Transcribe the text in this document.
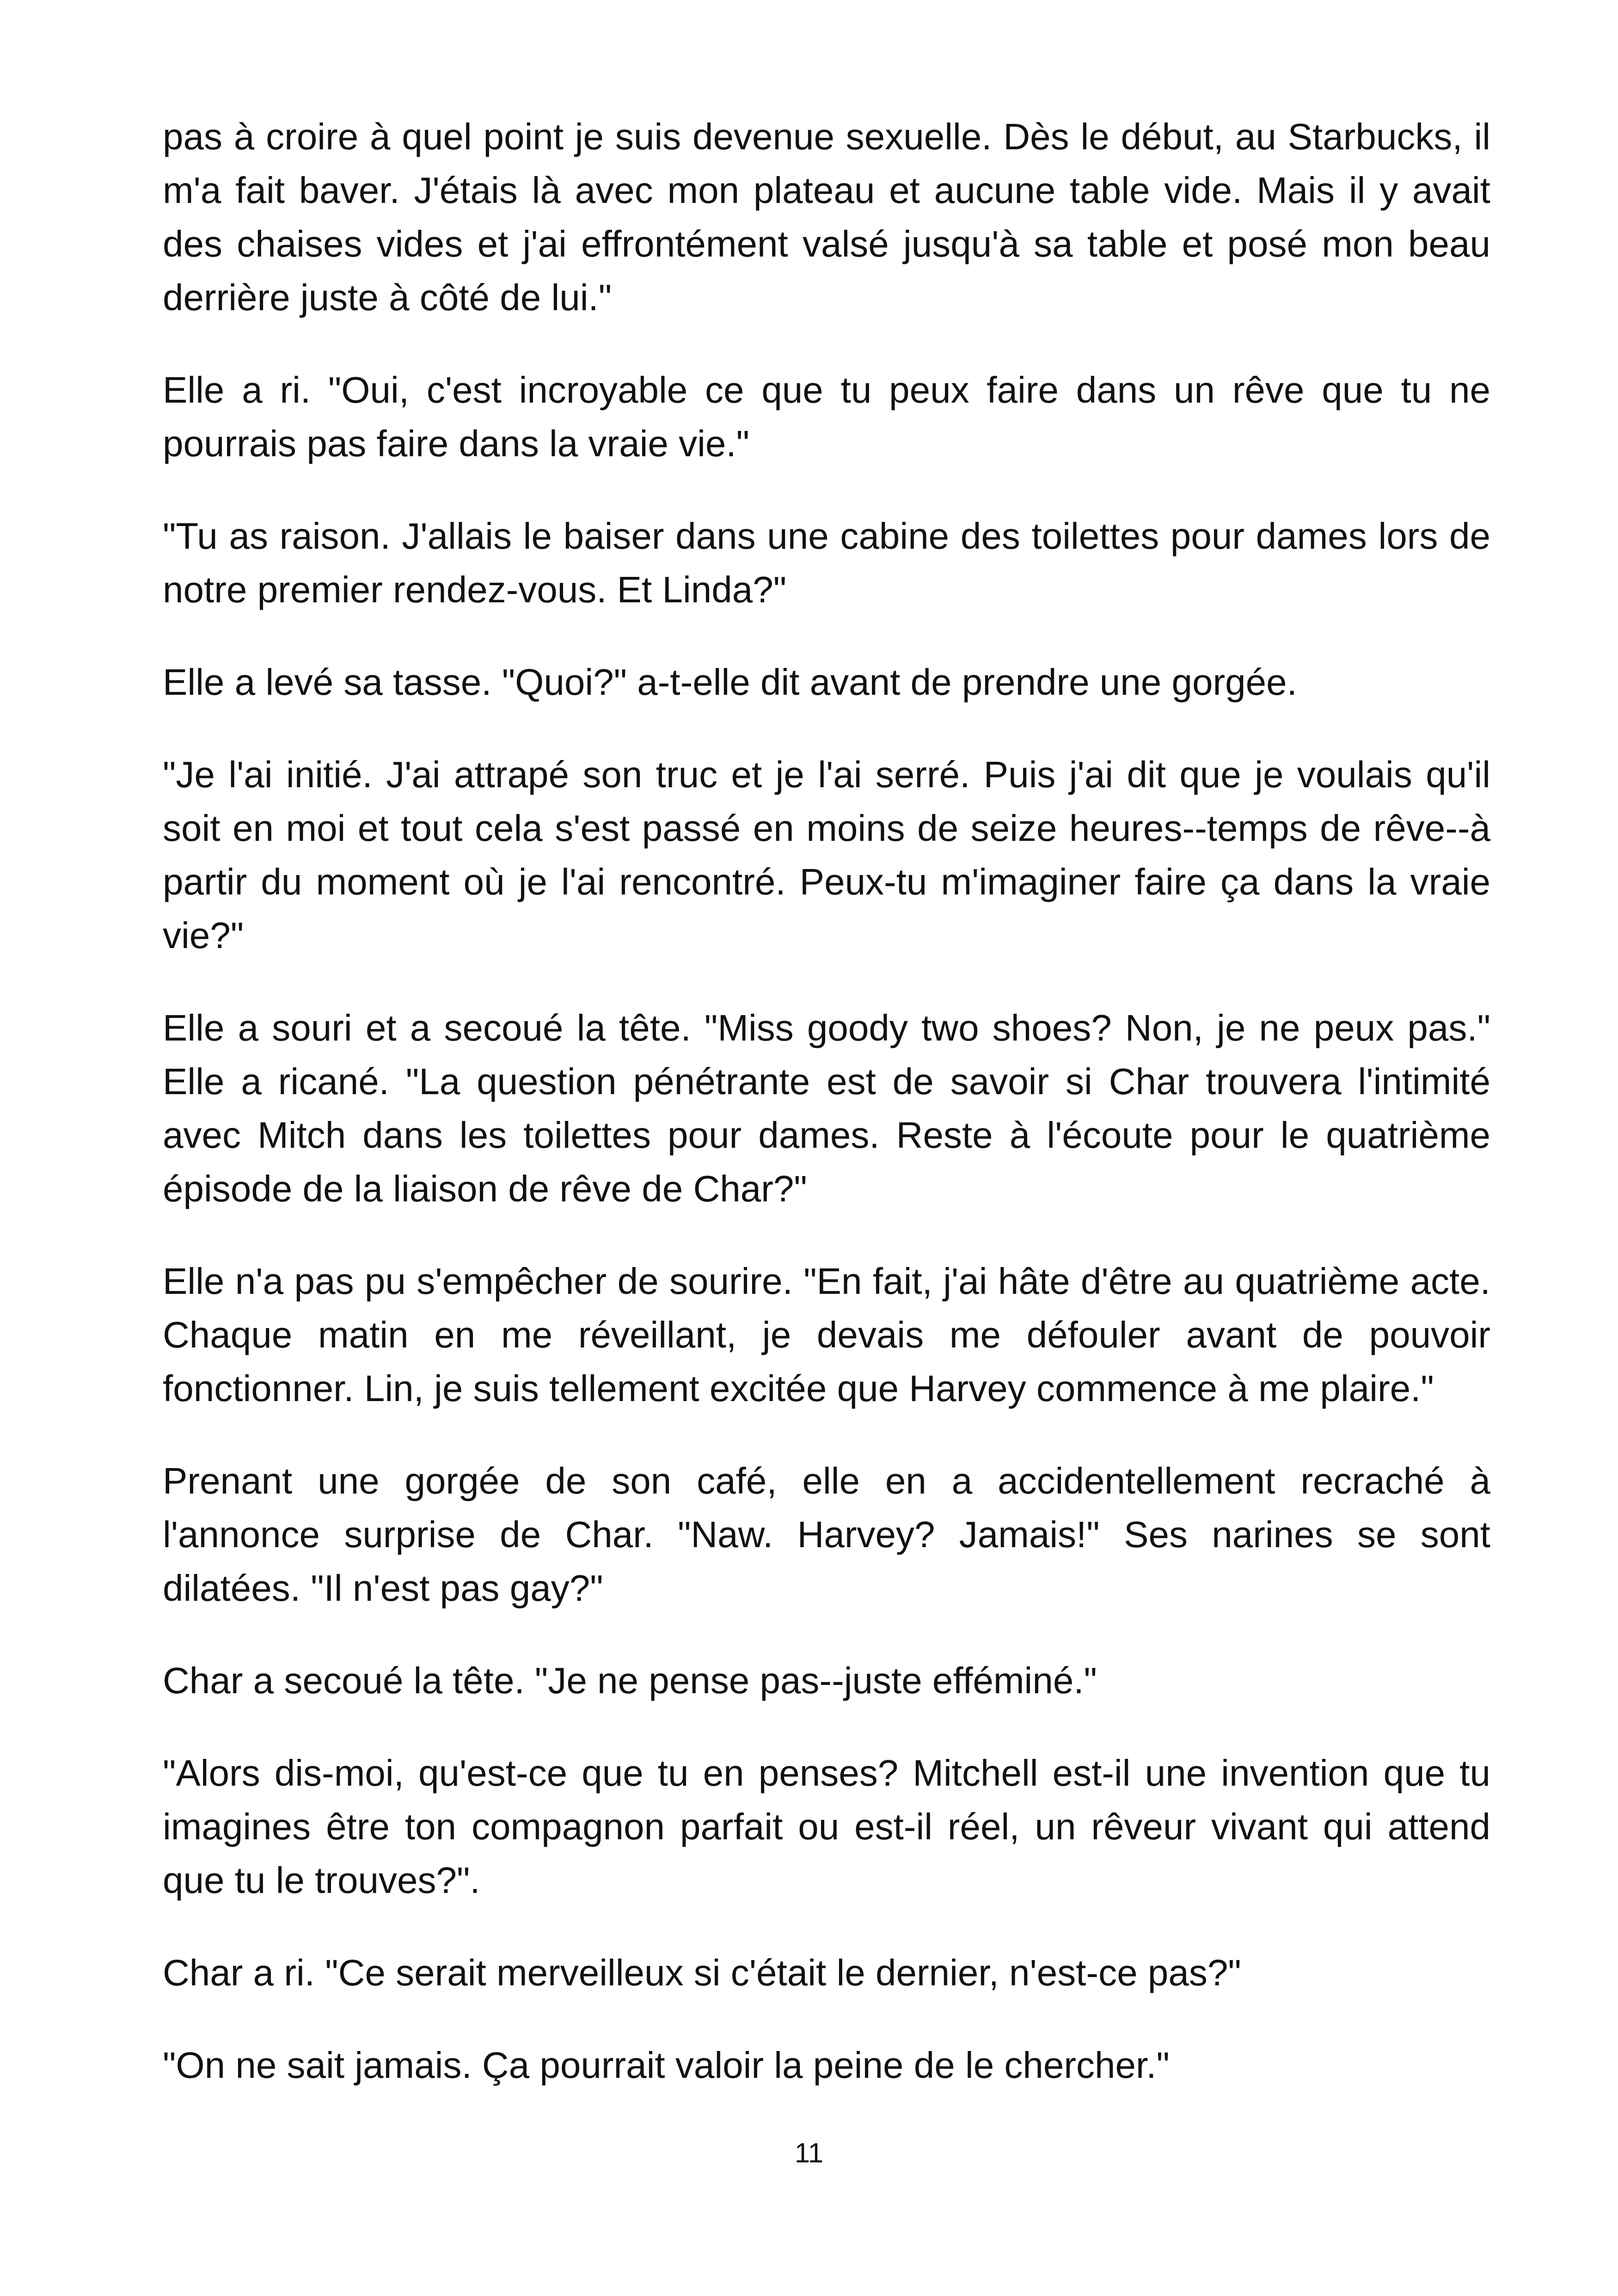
pas à croire à quel point je suis devenue sexuelle. Dès le début, au Starbucks, il m'a fait baver. J'étais là avec mon plateau et aucune table vide. Mais il y avait des chaises vides et j'ai effrontément valsé jusqu'à sa table et posé mon beau derrière juste à côté de lui."

Elle a ri. "Oui, c'est incroyable ce que tu peux faire dans un rêve que tu ne pourrais pas faire dans la vraie vie."

"Tu as raison. J'allais le baiser dans une cabine des toilettes pour dames lors de notre premier rendez-vous. Et Linda?"

Elle a levé sa tasse. "Quoi?" a-t-elle dit avant de prendre une gorgée.

"Je l'ai initié. J'ai attrapé son truc et je l'ai serré. Puis j'ai dit que je voulais qu'il soit en moi et tout cela s'est passé en moins de seize heures--temps de rêve--à partir du moment où je l'ai rencontré. Peux-tu m'imaginer faire ça dans la vraie vie?"

Elle a souri et a secoué la tête. "Miss goody two shoes? Non, je ne peux pas." Elle a ricané. "La question pénétrante est de savoir si Char trouvera l'intimité avec Mitch dans les toilettes pour dames. Reste à l'écoute pour le quatrième épisode de la liaison de rêve de Char?"

Elle n'a pas pu s'empêcher de sourire. "En fait, j'ai hâte d'être au quatrième acte. Chaque matin en me réveillant, je devais me défouler avant de pouvoir fonctionner. Lin, je suis tellement excitée que Harvey commence à me plaire."

Prenant une gorgée de son café, elle en a accidentellement recraché à l'annonce surprise de Char. "Naw. Harvey? Jamais!" Ses narines se sont dilatées. "Il n'est pas gay?"

Char a secoué la tête. "Je ne pense pas--juste efféminé."

"Alors dis-moi, qu'est-ce que tu en penses? Mitchell est-il une invention que tu imagines être ton compagnon parfait ou est-il réel, un rêveur vivant qui attend que tu le trouves?".

Char a ri. "Ce serait merveilleux si c'était le dernier, n'est-ce pas?"

"On ne sait jamais. Ça pourrait valoir la peine de le chercher."

11
